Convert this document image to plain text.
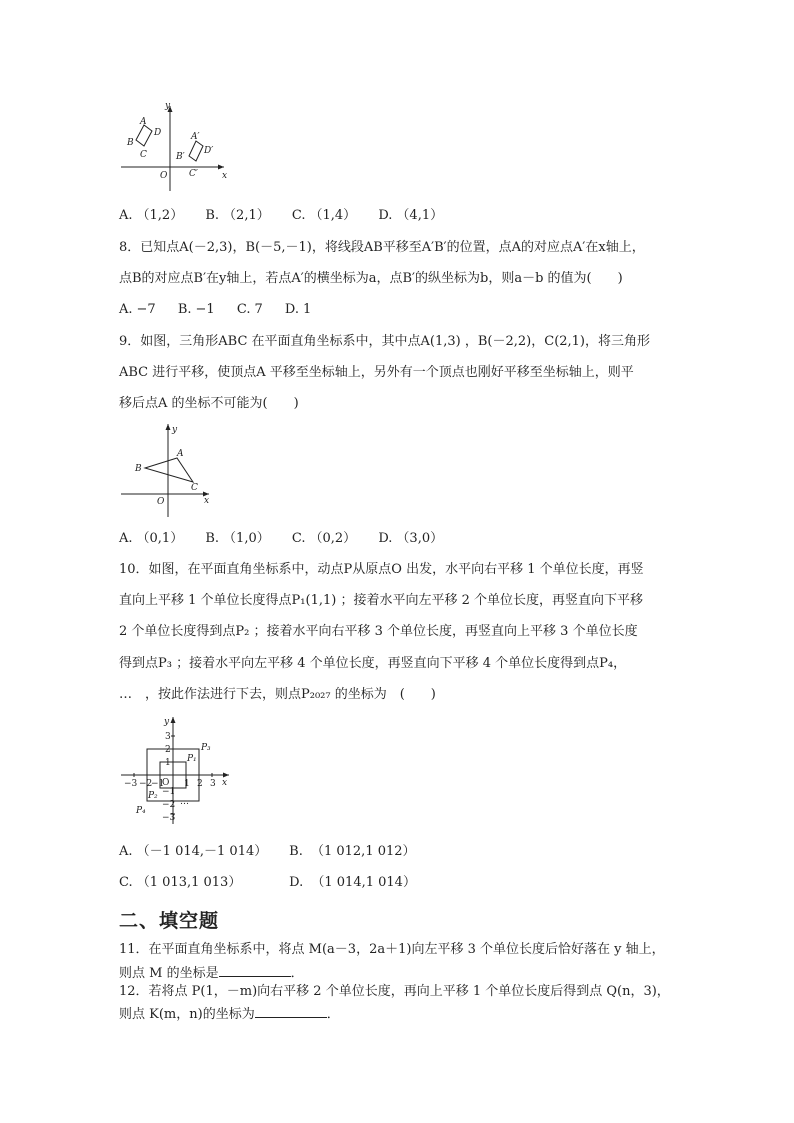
y
x
O
A
B
C
D	A′
B′
C′
D′
A. （1,2） B. （2,1） C. （1,4） D. （4,1）
8．已知点A(－2,3)，B(－5,－1)，将线段AB平移至A′B′的位置，点A的对应点A′在x轴上，
点B的对应点B′在y轴上，若点A′的横坐标为a，点B′的纵坐标为b，则a－b 的值为(　　)
A. −7 B. −1 C. 7 D. 1
9．如图，三角形ABC 在平面直角坐标系中，其中点A(1,3) ，B(－2,2)，C(2,1)，将三角形
ABC 进行平移，使顶点A 平移至坐标轴上，另外有一个顶点也刚好平移至坐标轴上，则平
移后点A 的坐标不可能为(　　)
y
x
O
A
B
C
A. （0,1） B. （1,0） C. （0,2） D. （3,0）
10．如图，在平面直角坐标系中，动点P从原点O 出发，水平向右平移 1 个单位长度，再竖
直向上平移 1 个单位长度得点P₁(1,1) ；接着水平向左平移 2 个单位长度，再竖直向下平移
2 个单位长度得到点P₂ ；接着水平向右平移 3 个单位长度，再竖直向上平移 3 个单位长度
得到点P₃ ；接着水平向左平移 4 个单位长度，再竖直向下平移 4 个单位长度得到点P₄，
…　，按此作法进行下去，则点P₂₀₂₇ 的坐标为　(　　)
y
x
O
−3 −2
−1 1 2 3
3
2
1
−1
−2
−3
P₁
P₂
P₃
P₄
…
A. （－1 014,－1 014） B. （1 012,1 012）
C. （1 013,1 013）	D. （1 014,1 014）
二、填空题
11．在平面直角坐标系中，将点 M(a－3，2a＋1)向左平移 3 个单位长度后恰好落在 y 轴上，
则点 M 的坐标是	．
12．若将点 P(1，－m)向右平移 2 个单位长度，再向上平移 1 个单位长度后得到点 Q(n，3)，
则点 K(m，n)的坐标为	．
